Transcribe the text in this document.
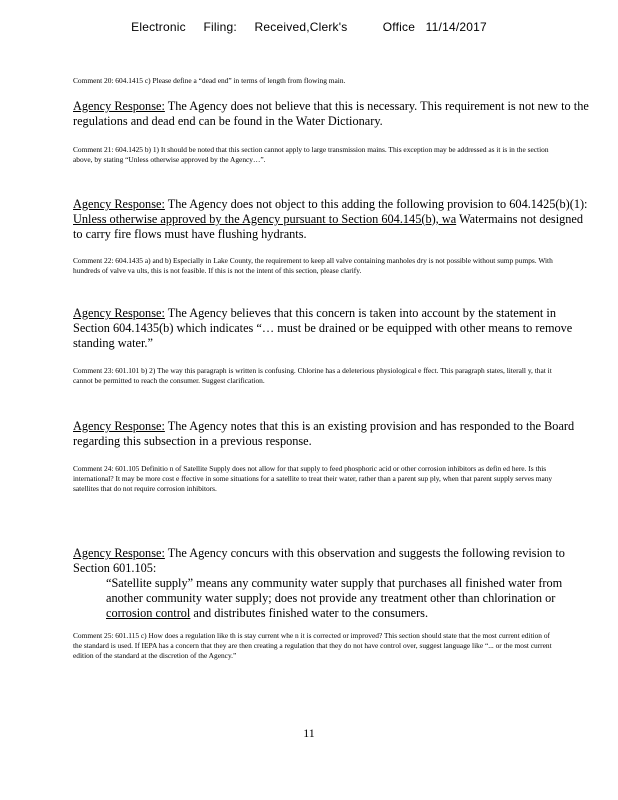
Electronic     Filing:     Received,Clerk's          Office   11/14/2017
Comment 20: 604.1415 c) Please define a “dead end” in terms of length from flowing main.
Agency Response: The Agency does not believe that this is necessary. This requirement is not new to the regulations and dead end can be found in the Water Dictionary.
Comment 21: 604.1425 b) 1) It should be noted that this section cannot apply to large transmission mains. This exception may be addressed as it is in the section above, by stating “Unless otherwise approved by the Agency…”.
Agency Response: The Agency does not object to this adding the following provision to 604.1425(b)(1): Unless otherwise approved by the Agency pursuant to Section 604.145(b), wa Watermains not designed to carry fire flows must have flushing hydrants.
Comment 22: 604.1435 a) and b) Especially in Lake County, the requirement to keep all valve containing manholes dry is not possible without sump pumps. With hundreds of valve va ults, this is not feasible. If this is not the intent of this section, please clarify.
Agency Response: The Agency believes that this concern is taken into account by the statement in Section 604.1435(b) which indicates “… must be drained or be equipped with other means to remove standing water.”
Comment 23: 601.101 b) 2) The way this paragraph is written is confusing. Chlorine has a deleterious physiological e ffect. This paragraph states, literall y, that it cannot be permitted to reach the consumer. Suggest clarification.
Agency Response: The Agency notes that this is an existing provision and has responded to the Board regarding this subsection in a previous response.
Comment 24: 601.105 Definitio n of Satellite Supply does not allow for that supply to feed phosphoric acid or other corrosion inhibitors as defin ed here. Is this international? It may be more cost e ffective in some situations for a satellite to treat their water, rather than a parent sup ply, when that parent supply serves many satellites that do not require corrosion inhibitors.
Agency Response: The Agency concurs with this observation and suggests the following revision to Section 601.105:
“Satellite supply” means any community water supply that purchases all finished water from another community water supply; does not provide any treatment other than chlorination or corrosion control and distributes finished water to the consumers.
Comment 25: 601.115 c) How does a regulation like th is stay current whe n it is corrected or improved? This section should state that the most current edition of the standard is used. If IEPA has a concern that they are then creating a regulation that they do not have control over, suggest language like “... or the most current edition of the standard at the discretion of the Agency.”
11
